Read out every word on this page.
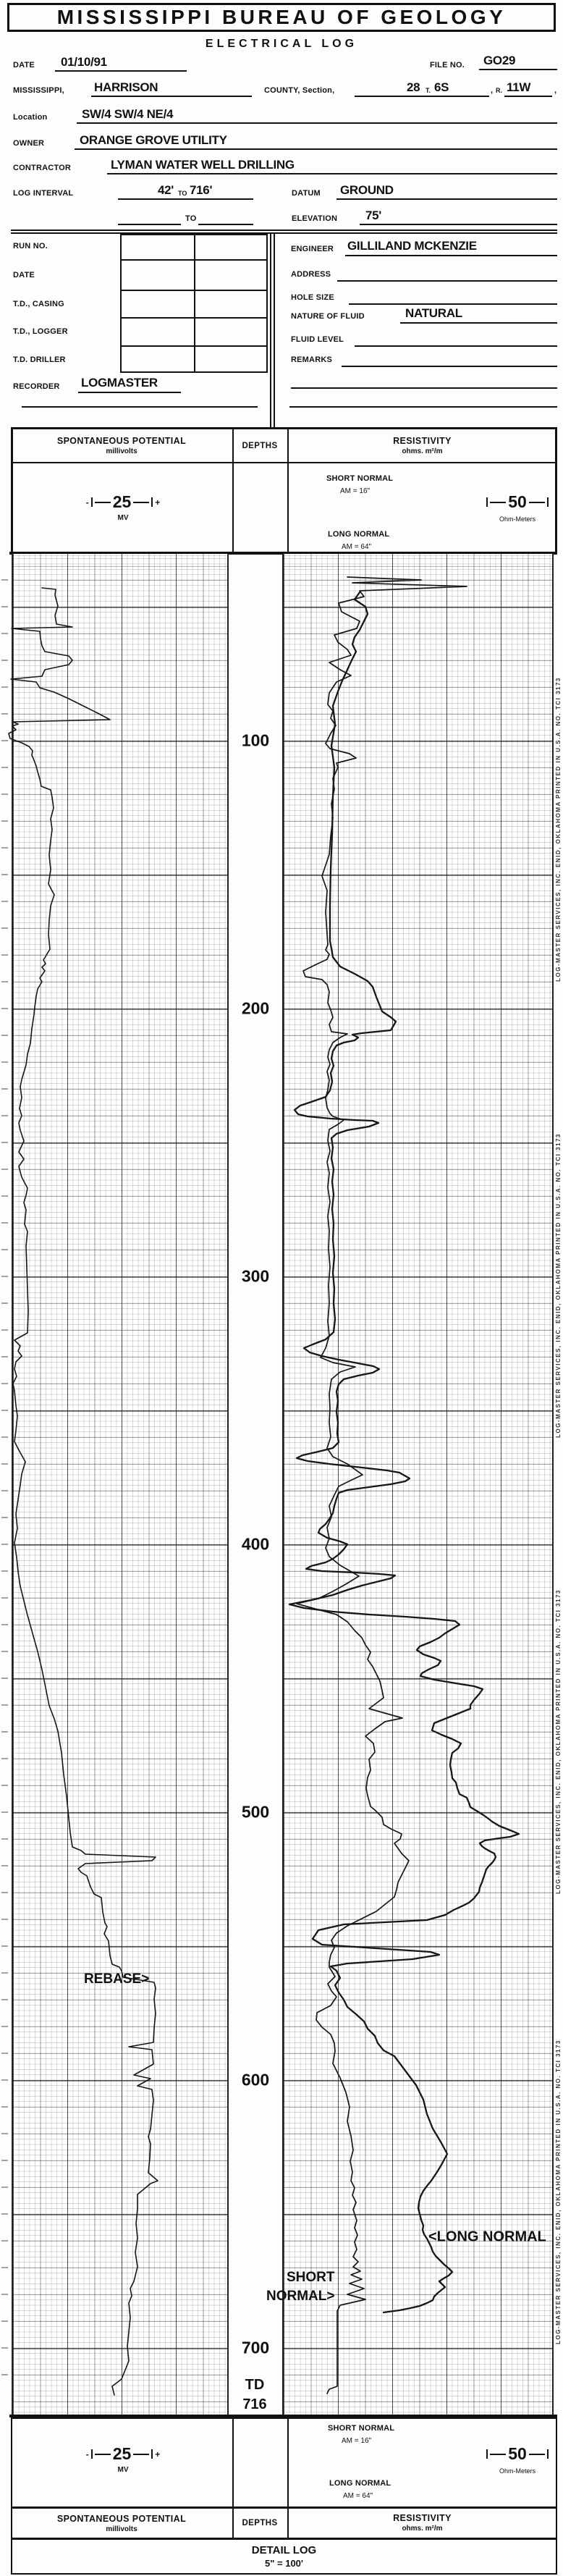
MISSISSIPPI BUREAU OF GEOLOGY
ELECTRICAL LOG
DATE 01/10/91	FILE NO. GO29
MISSISSIPPI, HARRISON	COUNTY, Section,	28 T. 6S	, R. 11W	,
Location	SW/4 SW/4 NE/4
OWNER	ORANGE GROVE UTILITY
CONTRACTOR	LYMAN WATER WELL DRILLING
LOG INTERVAL	42' TO 716'	DATUM GROUND
TO	ELEVATION 75'
RUN NO.
DATE
T.D., CASING
T.D., LOGGER
T.D. DRILLER
RECORDER LOGMASTER
ENGINEER GILLILAND MCKENZIE
ADDRESS
HOLE SIZE
NATURE OF FLUID	NATURAL
FLUID LEVEL
REMARKS
SPONTANEOUS POTENTIAL
millivolts
DEPTHS	RESISTIVITY
ohms. m²/m
- 25	+
MV
SHORT NORMAL
AM = 16"
LONG NORMAL
AM = 64"
50
Ohm-Meters
TD
716
SHORT NORMAL
AM = 16"
- 25	+
MV
50
Ohm-Meters
LONG NORMAL
AM = 64"
SPONTANEOUS POTENTIAL
millivolts
DEPTHS	RESISTIVITY
ohms. m²/m
DETAIL LOG
5" = 100'
100
200
300
400
500
600
700
REBASE>
SHORT
NORMAL>
<LONG NORMAL
LOG-MASTER SERVICES, INC. ENID, OKLAHOMA PRINTED IN U.S.A. NO. TCI 3173
LOG-MASTER SERVICES, INC. ENID, OKLAHOMA PRINTED IN U.S.A. NO. TCI 3173
LOG-MASTER SERVICES, INC. ENID, OKLAHOMA PRINTED IN U.S.A. NO. TCI 3173
LOG-MASTER SERVICES, INC. ENID, OKLAHOMA PRINTED IN U.S.A. NO. TCI 3173
